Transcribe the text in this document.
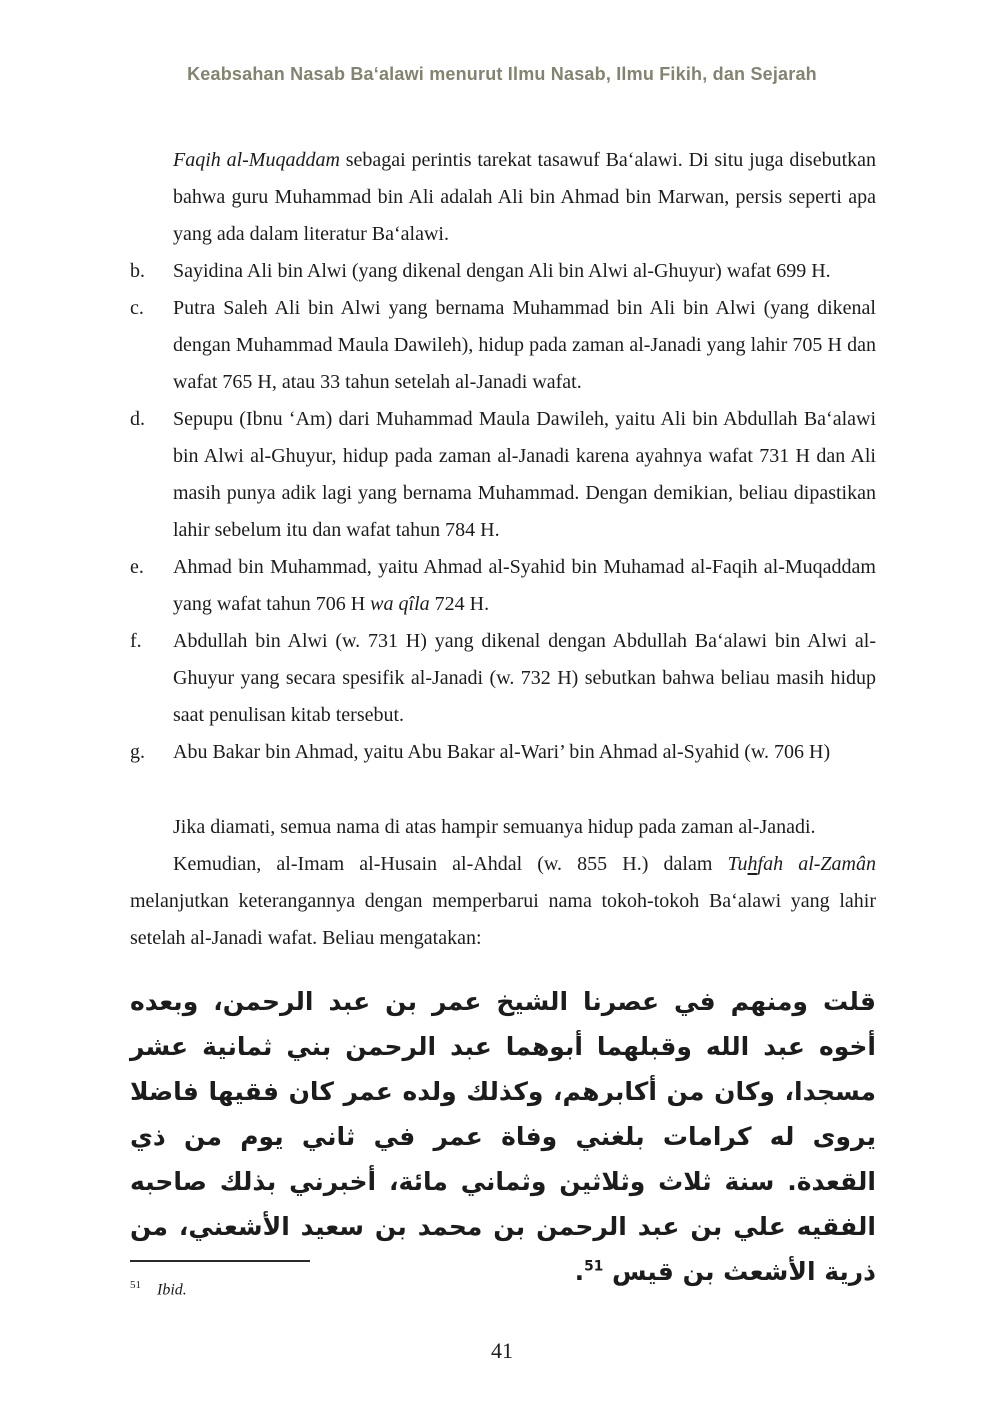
Keabsahan Nasab Ba‘alawi menurut Ilmu Nasab, Ilmu Fikih, dan Sejarah

Faqih al-Muqaddam sebagai perintis tarekat tasawuf Ba‘alawi. Di situ juga disebutkan bahwa guru Muhammad bin Ali adalah Ali bin Ahmad bin Marwan, persis seperti apa yang ada dalam literatur Ba‘alawi.

b.	Sayidina Ali bin Alwi (yang dikenal dengan Ali bin Alwi al-Ghuyur) wafat 699 H.
c.	Putra Saleh Ali bin Alwi yang bernama Muhammad bin Ali bin Alwi (yang dikenal dengan Muhammad Maula Dawileh), hidup pada zaman al-Janadi yang lahir 705 H dan wafat 765 H, atau 33 tahun setelah al-Janadi wafat.
d.	Sepupu (Ibnu ‘Am) dari Muhammad Maula Dawileh, yaitu Ali bin Abdullah Ba‘alawi bin Alwi al-Ghuyur, hidup pada zaman al-Janadi karena ayahnya wafat 731 H dan Ali masih punya adik lagi yang bernama Muhammad. Dengan demikian, beliau dipastikan lahir sebelum itu dan wafat tahun 784 H.
e.	Ahmad bin Muhammad, yaitu Ahmad al-Syahid bin Muhamad al-Faqih al-Muqaddam yang wafat tahun 706 H wa qîla 724 H.
f.	Abdullah bin Alwi (w. 731 H) yang dikenal dengan Abdullah Ba‘alawi bin Alwi al-Ghuyur yang secara spesifik al-Janadi (w. 732 H) sebutkan bahwa beliau masih hidup saat penulisan kitab tersebut.
g.	Abu Bakar bin Ahmad, yaitu Abu Bakar al-Wari’ bin Ahmad al-Syahid (w. 706 H)

Jika diamati, semua nama di atas hampir semuanya hidup pada zaman al-Janadi.

Kemudian, al-Imam al-Husain al-Ahdal (w. 855 H.) dalam Tuhfah al-Zamân melanjutkan keterangannya dengan memperbarui nama tokoh-tokoh Ba‘alawi yang lahir setelah al-Janadi wafat. Beliau mengatakan:

قلت ومنهم في عصرنا الشيخ عمر بن عبد الرحمن، وبعده أخوه عبد الله وقبلهما أبوهما عبد الرحمن بني ثمانية عشر مسجدا، وكان من أكابرهم، وكذلك ولده عمر كان فقيها فاضلا يروى له كرامات بلغني وفاة عمر في ثاني يوم من ذي القعدة. سنة ثلاث وثلاثين وثماني مائة، أخبرني بذلك صاحبه الفقيه علي بن عبد الرحمن بن محمد بن سعيد الأشعني، من ذرية الأشعث بن قيس $^{51}$.
$^{51}$ Ibid.
41
